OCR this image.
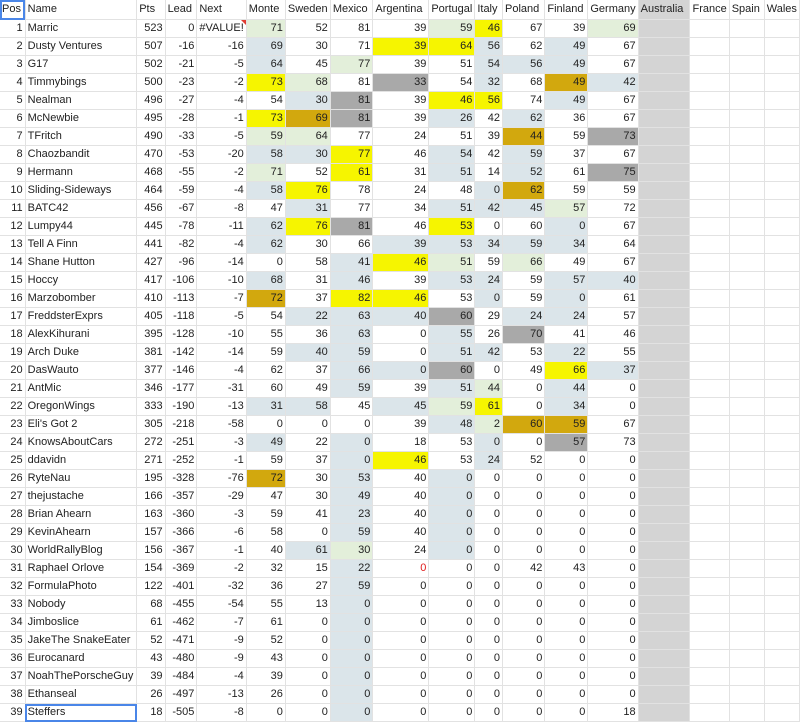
Pos	Name	Pts	Lead	Next	Monte	Sweden	Mexico	Argentina	Portugal	Italy	Poland	Finland	Germany	Australia	France	Spain	Wales
1	Marric	523	0	#VALUE!	71	52	81	39	59	46	67	39	69				
2	Dusty Ventures	507	-16	-16	69	30	71	39	64	56	62	49	67				
3	G17	502	-21	-5	64	45	77	39	51	54	56	49	67				
4	Timmybings	500	-23	-2	73	68	81	33	54	32	68	49	42				
5	Nealman	496	-27	-4	54	30	81	39	46	56	74	49	67				
6	McNewbie	495	-28	-1	73	69	81	39	26	42	62	36	67				
7	TFritch	490	-33	-5	59	64	77	24	51	39	44	59	73				
8	Chaozbandit	470	-53	-20	58	30	77	46	54	42	59	37	67				
9	Hermann	468	-55	-2	71	52	61	31	51	14	52	61	75				
10	Sliding-Sideways	464	-59	-4	58	76	78	24	48	0	62	59	59				
11	BATC42	456	-67	-8	47	31	77	34	51	42	45	57	72				
12	Lumpy44	445	-78	-11	62	76	81	46	53	0	60	0	67				
13	Tell A Finn	441	-82	-4	62	30	66	39	53	34	59	34	64				
14	Shane Hutton	427	-96	-14	0	58	41	46	51	59	66	49	67				
15	Hoccy	417	-106	-10	68	31	46	39	53	24	59	57	40				
16	Marzobomber	410	-113	-7	72	37	82	46	53	0	59	0	61				
17	FreddsterExprs	405	-118	-5	54	22	63	40	60	29	24	24	57				
18	AlexKihurani	395	-128	-10	55	36	63	0	55	26	70	41	46				
19	Arch Duke	381	-142	-14	59	40	59	0	51	42	53	22	55				
20	DasWauto	377	-146	-4	62	37	66	0	60	0	49	66	37				
21	AntMic	346	-177	-31	60	49	59	39	51	44	0	44	0				
22	OregonWings	333	-190	-13	31	58	45	45	59	61	0	34	0				
23	Eli's Got 2	305	-218	-58	0	0	0	39	48	2	60	59	67				
24	KnowsAboutCars	272	-251	-3	49	22	0	18	53	0	0	57	73				
25	ddavidn	271	-252	-1	59	37	0	46	53	24	52	0	0				
26	RyteNau	195	-328	-76	72	30	53	40	0	0	0	0	0				
27	thejustache	166	-357	-29	47	30	49	40	0	0	0	0	0				
28	Brian Ahearn	163	-360	-3	59	41	23	40	0	0	0	0	0				
29	KevinAhearn	157	-366	-6	58	0	59	40	0	0	0	0	0				
30	WorldRallyBlog	156	-367	-1	40	61	30	24	0	0	0	0	0				
31	Raphael Orlove	154	-369	-2	32	15	22	0	0	0	42	43	0				
32	FormulaPhoto	122	-401	-32	36	27	59	0	0	0	0	0	0				
33	Nobody	68	-455	-54	55	13	0	0	0	0	0	0	0				
34	Jimboslice	61	-462	-7	61	0	0	0	0	0	0	0	0				
35	JakeThe SnakeEater	52	-471	-9	52	0	0	0	0	0	0	0	0				
36	Eurocanard	43	-480	-9	43	0	0	0	0	0	0	0	0				
37	NoahThePorscheGuy	39	-484	-4	39	0	0	0	0	0	0	0	0				
38	Ethanseal	26	-497	-13	26	0	0	0	0	0	0	0	0				
39	Steffers	18	-505	-8	0	0	0	0	0	0	0	0	18				
